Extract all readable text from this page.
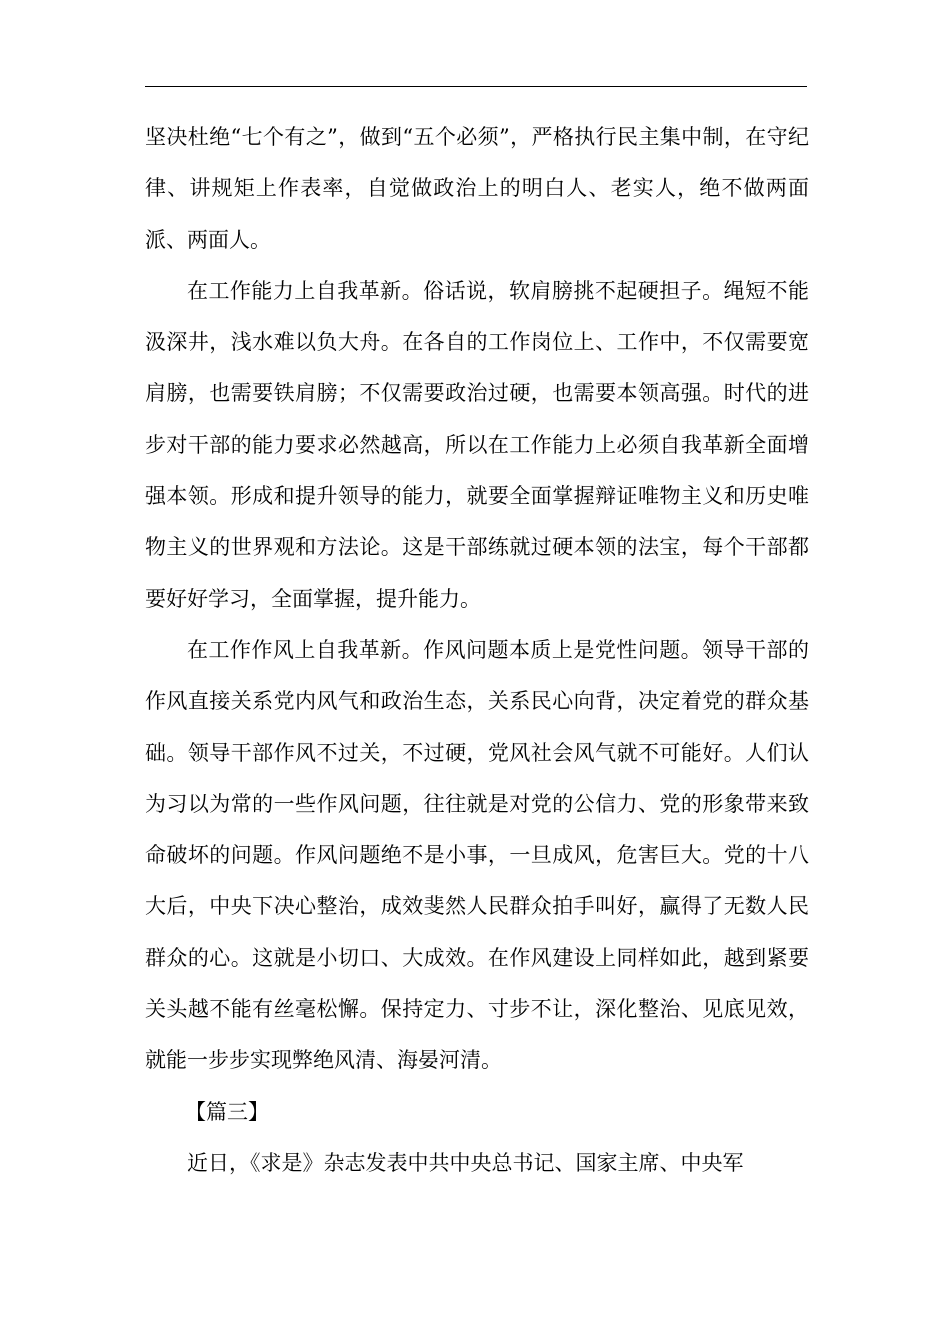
坚决杜绝“七个有之”，做到“五个必须”，严格执行民主集中制，在守纪律、讲规矩上作表率，自觉做政治上的明白人、老实人，绝不做两面派、两面人。

在工作能力上自我革新。俗话说，软肩膀挑不起硬担子。绳短不能汲深井，浅水难以负大舟。在各自的工作岗位上、工作中，不仅需要宽肩膀，也需要铁肩膀；不仅需要政治过硬，也需要本领高强。时代的进步对干部的能力要求必然越高，所以在工作能力上必须自我革新全面增强本领。形成和提升领导的能力，就要全面掌握辩证唯物主义和历史唯物主义的世界观和方法论。这是干部练就过硬本领的法宝，每个干部都要好好学习，全面掌握，提升能力。

在工作作风上自我革新。作风问题本质上是党性问题。领导干部的作风直接关系党内风气和政治生态，关系民心向背，决定着党的群众基础。领导干部作风不过关，不过硬，党风社会风气就不可能好。人们认为习以为常的一些作风问题，往往就是对党的公信力、党的形象带来致命破坏的问题。作风问题绝不是小事，一旦成风，危害巨大。党的十八大后，中央下决心整治，成效斐然人民群众拍手叫好，赢得了无数人民群众的心。这就是小切口、大成效。在作风建设上同样如此，越到紧要关头越不能有丝毫松懈。保持定力、寸步不让，深化整治、见底见效，就能一步步实现弊绝风清、海晏河清。

【篇三】

近日，《求是》杂志发表中共中央总书记、国家主席、中央军
